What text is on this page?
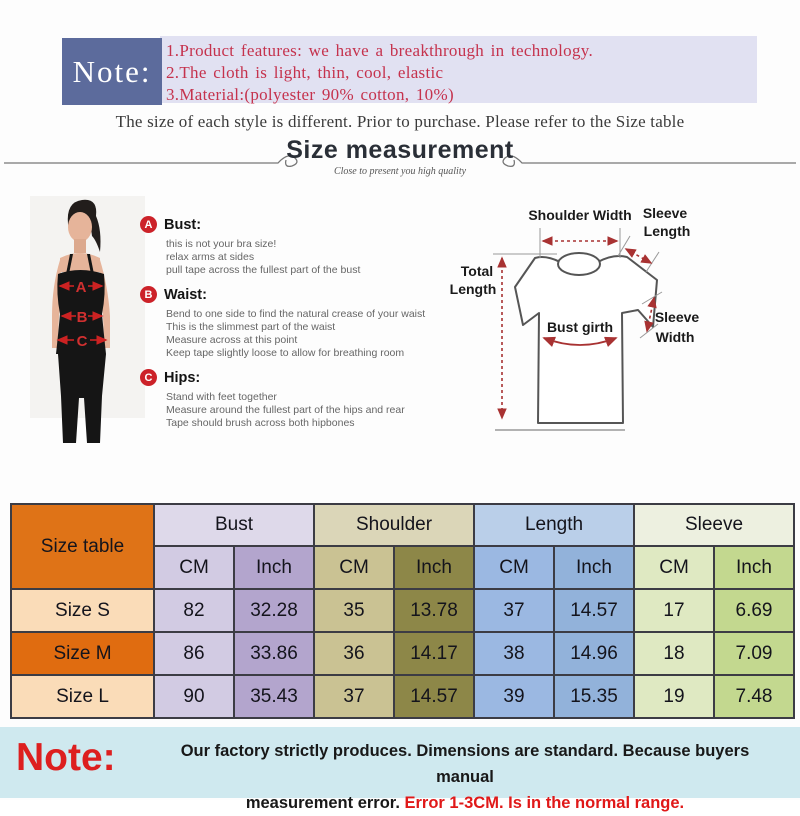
Note:
1.Product features: we have a breakthrough in technology.
2.The cloth is light, thin, cool, elastic
3.Material:(polyester 90% cotton, 10%)
The size of each style is different. Prior to purchase. Please refer to the Size table
Size measurement
Close to present you high quality
A
B
C
A Bust:
this is not your bra size!
relax arms at sides
pull tape across the fullest part of the bust
B Waist:
Bend to one side to find the natural crease of your waist
This is the slimmest part of the waist
Measure across at this point
Keep tape slightly loose to allow for breathing room
C Hips:
Stand with feet together
Measure around the fullest part of the hips and rear
Tape should brush across both hipbones
Shoulder Width Sleeve
Length
Total
Length
Bust girth
Sleeve
Width
Size table	Bust		Shoulder		Length		Sleeve	
	CM	Inch	CM	Inch	CM	Inch	CM	Inch
Size S	82	32.28	35	13.78	37	14.57	17	6.69
Size M	86	33.86	36	14.17	38	14.96	18	7.09
Size L	90	35.43	37	14.57	39	15.35	19	7.48
Note:	Our factory strictly produces. Dimensions are standard. Because buyers manual
measurement error. Error 1-3CM. Is in the normal range.
